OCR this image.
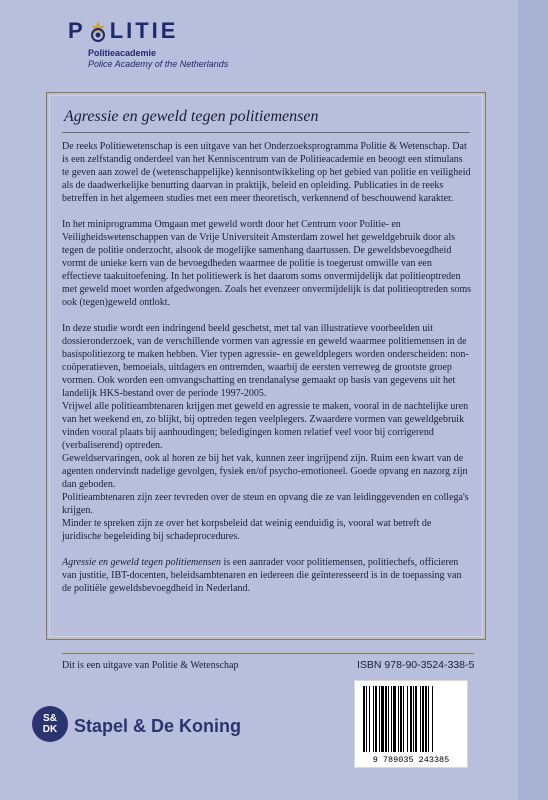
P LITIE
Politieacademie
Police Academy of the Netherlands
Agressie en geweld tegen politiemensen

De reeks Politiewetenschap is een uitgave van het Onderzoeksprogramma Politie & Wetenschap. Dat is een zelfstandig onderdeel van het Kenniscentrum van de Politieacademie en beoogt een stimulans te geven aan zowel de (wetenschappelijke) kennisontwikkeling op het gebied van politie en veiligheid als de daadwerkelijke benutting daarvan in praktijk, beleid en opleiding. Publicaties in de reeks betreffen in het algemeen studies met een meer theoretisch, verkennend of beschouwend karakter.

In het miniprogramma Omgaan met geweld wordt door het Centrum voor Politie- en Veiligheidswetenschappen van de Vrije Universiteit Amsterdam zowel het geweldgebruik door als tegen de politie onderzocht, alsook de mogelijke samenhang daartussen. De geweldsbevoegdheid vormt de unieke kern van de bevoegdheden waarmee de politie is toegerust omwille van een effectieve taakuitoefening. In het politiewerk is het daarom soms onvermijdelijk dat politieoptreden met geweld moet worden afgedwongen. Zoals het evenzeer onvermijdelijk is dat politieoptreden soms ook (tegen)geweld ontlokt.

In deze studie wordt een indringend beeld geschetst, met tal van illustratieve voorbeelden uit dossieronderzoek, van de verschillende vormen van agressie en geweld waarmee politiemensen in de basispolitiezorg te maken hebben. Vier typen agressie- en geweldplegers worden onderscheiden: non-coöperatieven, bemoeials, uitdagers en ontremden, waarbij de eersten verreweg de grootste groep vormen. Ook worden een omvangschatting en trendanalyse gemaakt op basis van gegevens uit het landelijk HKS-bestand over de periode 1997-2005.

Vrijwel alle politieambtenaren krijgen met geweld en agressie te maken, vooral in de nachtelijke uren van het weekend en, zo blijkt, bij optreden tegen veelplegers. Zwaardere vormen van geweldgebruik vinden vooral plaats bij aanhoudingen; beledigingen komen relatief veel voor bij corrigerend (verbaliserend) optreden.

Geweldservaringen, ook al horen ze bij het vak, kunnen zeer ingrijpend zijn. Ruim een kwart van de agenten ondervindt nadelige gevolgen, fysiek en/of psycho-emotioneel. Goede opvang en nazorg zijn dan geboden.

Politieambtenaren zijn zeer tevreden over de steun en opvang die ze van leidinggevenden en collega's krijgen.

Minder te spreken zijn ze over het korpsbeleid dat weinig eenduidig is, vooral wat betreft de juridische begeleiding bij schadeprocedures.

Agressie en geweld tegen politiemensen is een aanrader voor politiemensen, politiechefs, officieren van justitie, IBT-docenten, beleidsambtenaren en iedereen die geïnteresseerd is in de toepassing van de politiële geweldsbevoegdheid in Nederland.

Dit is een uitgave van Politie & Wetenschap	ISBN 978-90-3524-338-5
9 789035 243385
S&
DK Stapel & De Koning
